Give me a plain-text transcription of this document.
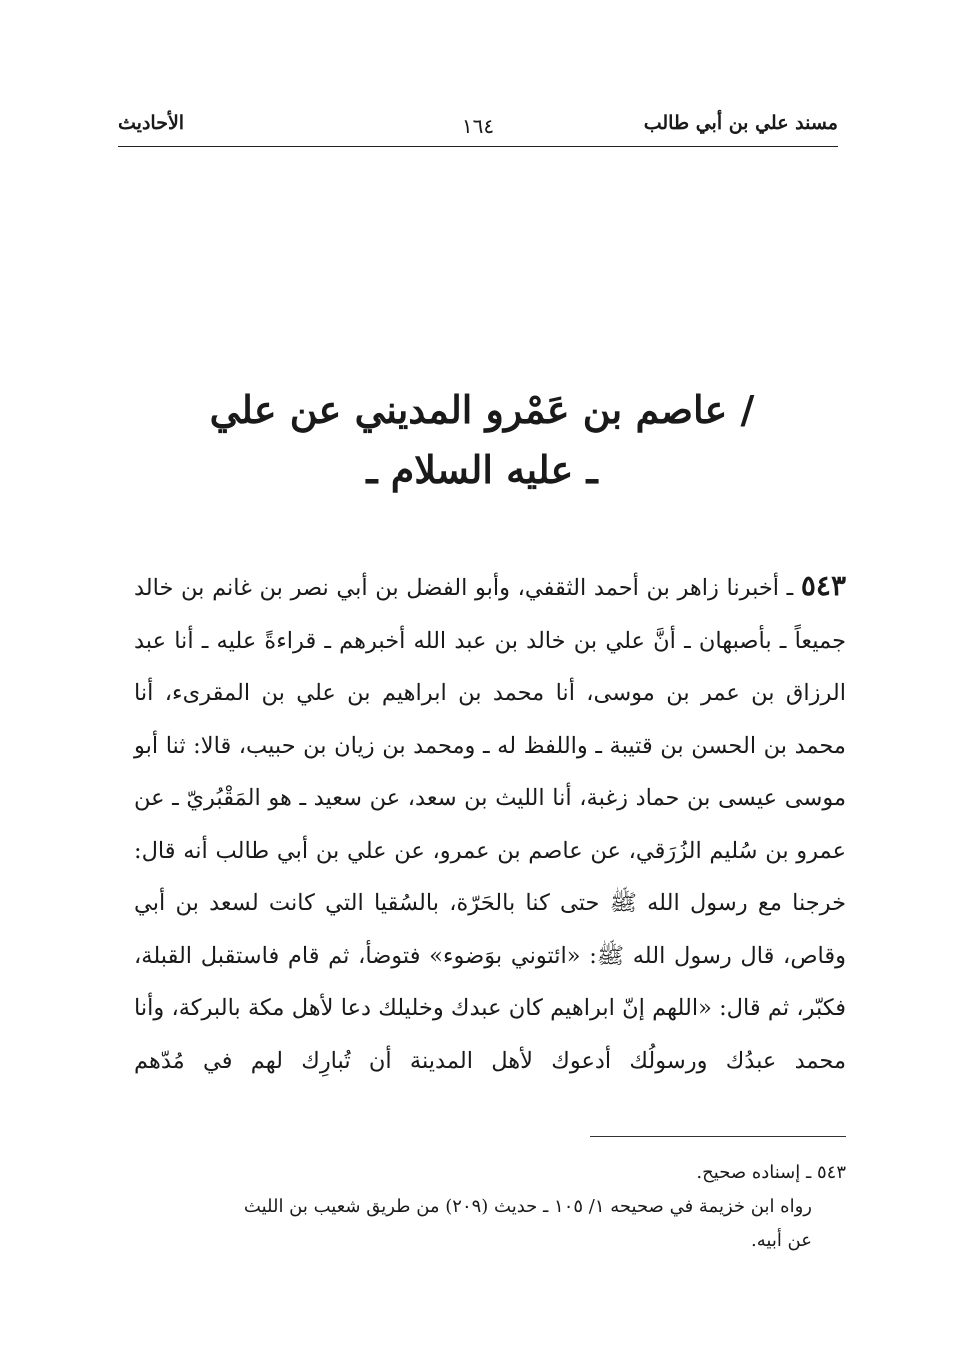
مسند علي بن أبي طالب
١٦٤
الأحاديث
/ عاصم بن عَمْرو المديني عن علي
ـ عليه السلام ـ
٥٤٣ ـ أخبرنا زاهر بن أحمد الثقفي، وأبو الفضل بن أبي نصر بن غانم بن خالد جميعاً ـ بأصبهان ـ أنَّ علي بن خالد بن عبد الله أخبرهم ـ قراءةً عليه ـ أنا عبد الرزاق بن عمر بن موسى، أنا محمد بن ابراهيم بن علي بن المقرىء، أنا محمد بن الحسن بن قتيبة ـ واللفظ له ـ ومحمد بن زيان بن حبيب، قالا: ثنا أبو موسى عيسى بن حماد زغبة، أنا الليث بن سعد، عن سعيد ـ هو المَقْبُريّ ـ عن عمرو بن سُليم الزُرَقي، عن عاصم بن عمرو، عن علي بن أبي طالب أنه قال: خرجنا مع رسول الله ﷺ حتى كنا بالحَرّة، بالسُقيا التي كانت لسعد بن أبي وقاص، قال رسول الله ﷺ: «ائتوني بوَضوء» فتوضأ، ثم قام فاستقبل القبلة، فكبّر، ثم قال: «اللهم إنّ ابراهيم كان عبدك وخليلك دعا لأهل مكة بالبركة، وأنا محمد عبدُك ورسولُك أدعوك لأهل المدينة أن تُبارِك لهم في مُدّهم
٥٤٣ ـ إسناده صحيح.
رواه ابن خزيمة في صحيحه ١/ ١٠٥ ـ حديث (٢٠٩) من طريق شعيب بن الليث
عن أبيه.
